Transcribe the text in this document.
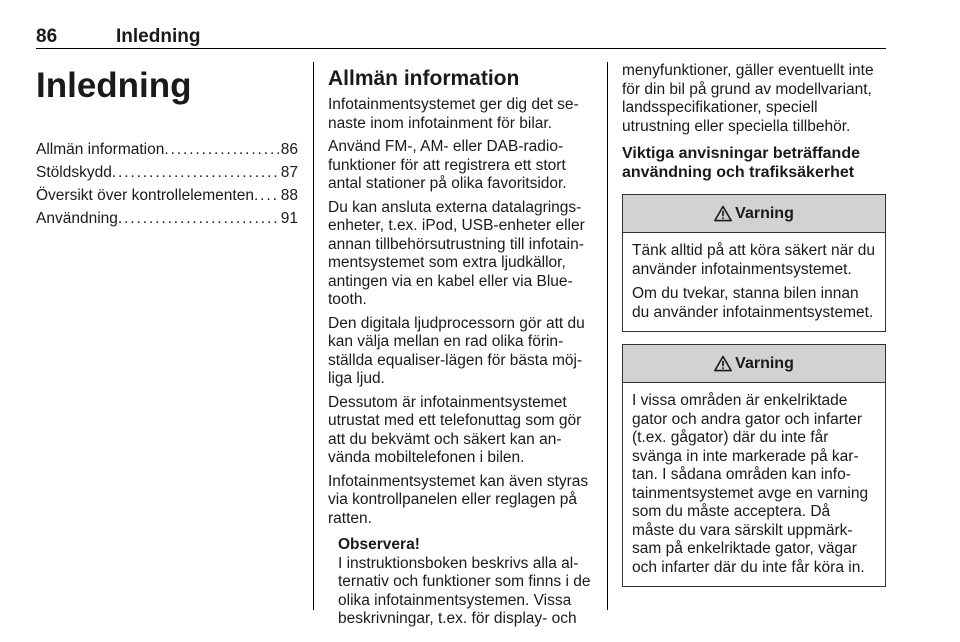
86	Inledning
Inledning
Allmän information . . .	86
Stöldskydd . . .	87
Översikt över kontrollelementen . . . 88
Användning . . .	91
Allmän information

Infotainmentsystemet ger dig det senaste inom infotainment för bilar.

Använd FM-, AM- eller DAB-radiofunktioner för att registrera ett stort antal stationer på olika favoritsidor.

Du kan ansluta externa datalagringsenheter, t.ex. iPod, USB-enheter eller annan tillbehörsutrustning till infotainmentsystemet som extra ljudkällor, antingen via en kabel eller via Bluetooth.

Den digitala ljudprocessorn gör att du kan välja mellan en rad olika förinställda equaliser-lägen för bästa möjliga ljud.

Dessutom är infotainmentsystemet utrustat med ett telefonuttag som gör att du bekvämt och säkert kan använda mobiltelefonen i bilen.

Infotainmentsystemet kan även styras via kontrollpanelen eller reglagen på ratten.

Observera!

I instruktionsboken beskrivs alla alternativ och funktioner som finns i de olika infotainmentsystemen. Vissa beskrivningar, t.ex. för display- och

menyfunktioner, gäller eventuellt inte för din bil på grund av modellvariant, landsspecifikationer, speciell utrustning eller speciella tillbehör.

Viktiga anvisningar beträffande användning och trafiksäkerhet
Varning

Tänk alltid på att köra säkert när du använder infotainmentsystemet.

Om du tvekar, stanna bilen innan du använder infotainmentsystemet.

Varning

I vissa områden är enkelriktade gator och andra gator och infarter (t.ex. gågator) där du inte får svänga in inte markerade på kartan. I sådana områden kan infotainmentsystemet avge en varning som du måste acceptera. Då måste du vara särskilt uppmärksam på enkelriktade gator, vägar och infarter där du inte får köra in.
